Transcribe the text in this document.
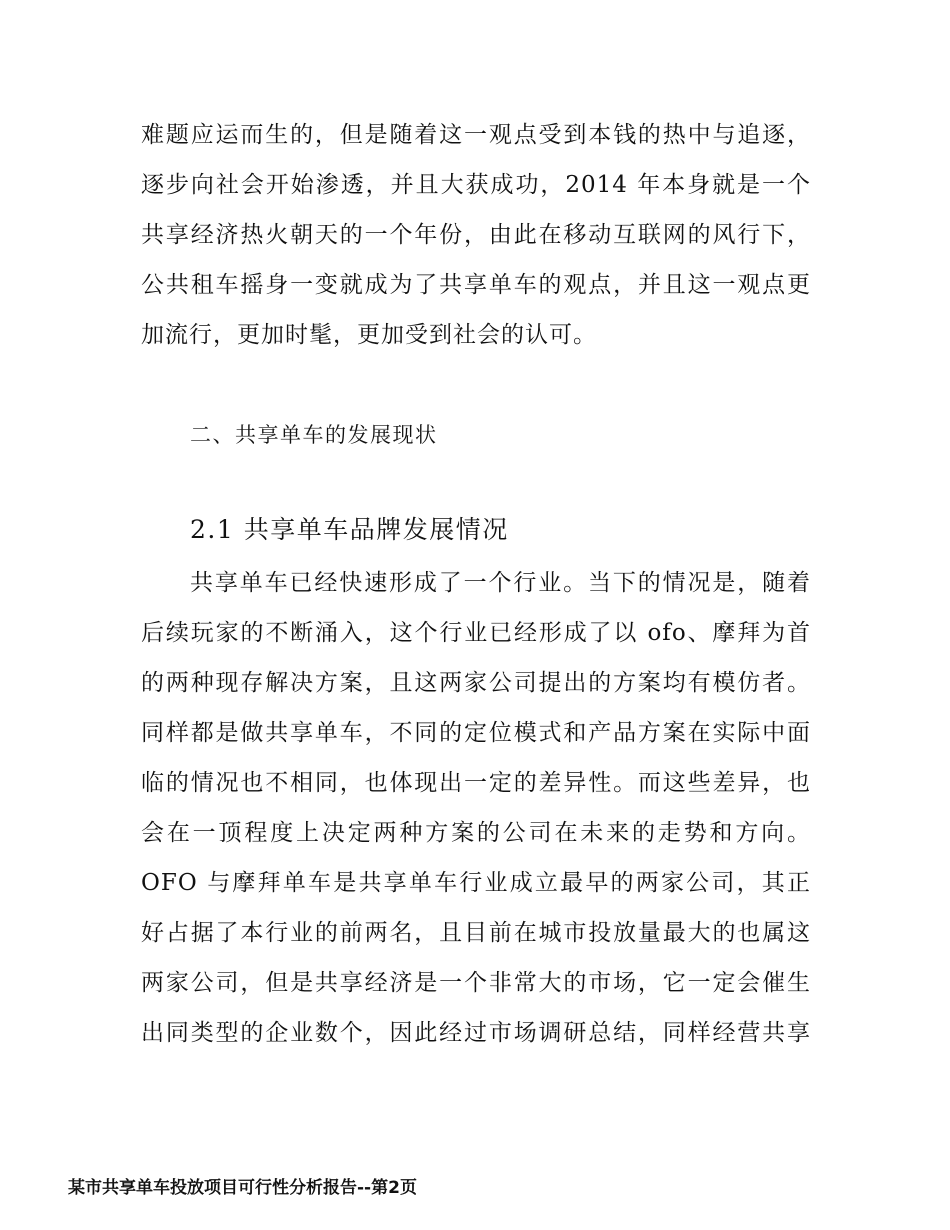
难题应运而生的，但是随着这一观点受到本钱的热中与追逐，
逐步向社会开始渗透，并且大获成功，2014 年本身就是一个
共享经济热火朝天的一个年份，由此在移动互联网的风行下，
公共租车摇身一变就成为了共享单车的观点，并且这一观点更
加流行，更加时髦，更加受到社会的认可。
二、共享单车的发展现状
2.1 共享单车品牌发展情况
共享单车已经快速形成了一个行业。当下的情况是，随着
后续玩家的不断涌入，这个行业已经形成了以 ofo、摩拜为首
的两种现存解决方案，且这两家公司提出的方案均有模仿者。
同样都是做共享单车，不同的定位模式和产品方案在实际中面
临的情况也不相同，也体现出一定的差异性。而这些差异，也
会在一顶程度上决定两种方案的公司在未来的走势和方向。
OFO 与摩拜单车是共享单车行业成立最早的两家公司，其正
好占据了本行业的前两名，且目前在城市投放量最大的也属这
两家公司，但是共享经济是一个非常大的市场，它一定会催生
出同类型的企业数个，因此经过市场调研总结，同样经营共享
某市共享单车投放项目可行性分析报告--第2页
